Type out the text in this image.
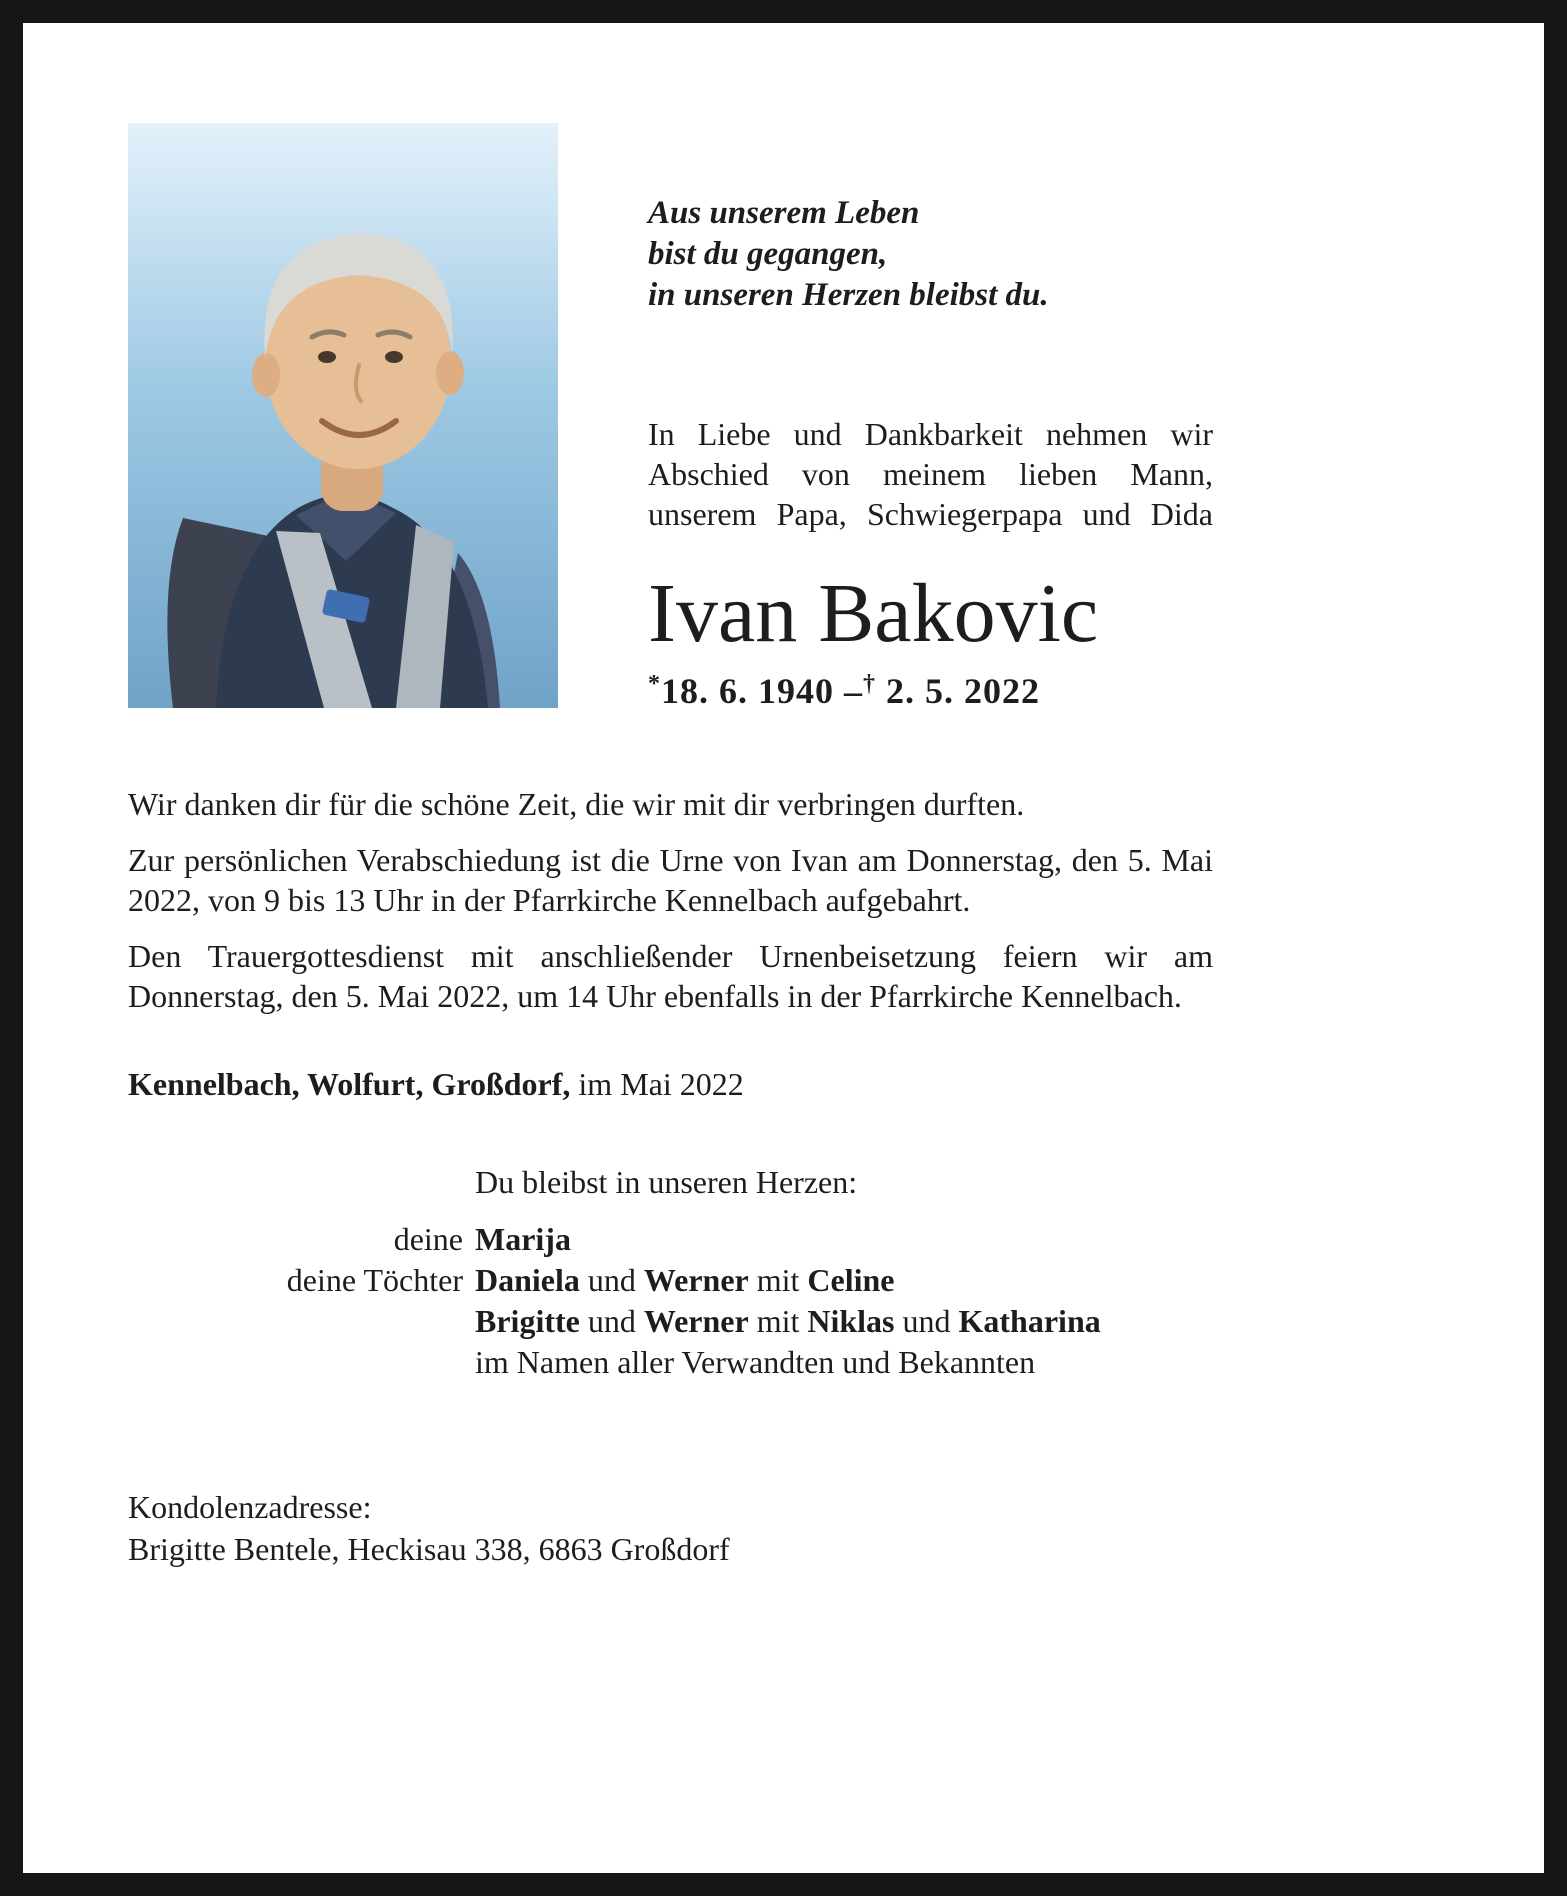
Aus unserem Leben
bist du gegangen,
in unseren Herzen bleibst du.
In Liebe und Dankbarkeit nehmen wir Abschied von meinem lieben Mann, unserem Papa, Schwiegerpapa und Dida
Ivan Bakovic
*18. 6. 1940 –† 2. 5. 2022

Wir danken dir für die schöne Zeit, die wir mit dir verbringen durften.

Zur persönlichen Verabschiedung ist die Urne von Ivan am Donnerstag, den 5. Mai 2022, von 9 bis 13 Uhr in der Pfarrkirche Kennelbach aufgebahrt.

Den Trauergottesdienst mit anschließender Urnenbeisetzung feiern wir am Donnerstag, den 5. Mai 2022, um 14 Uhr ebenfalls in der Pfarrkirche Kennelbach.

Kennelbach, Wolfurt, Großdorf, im Mai 2022
Du bleibst in unseren Herzen:
deine Marija
deine Töchter Daniela und Werner mit Celine
Brigitte und Werner mit Niklas und Katharina
im Namen aller Verwandten und Bekannten
Kondolenzadresse:
Brigitte Bentele, Heckisau 338, 6863 Großdorf
